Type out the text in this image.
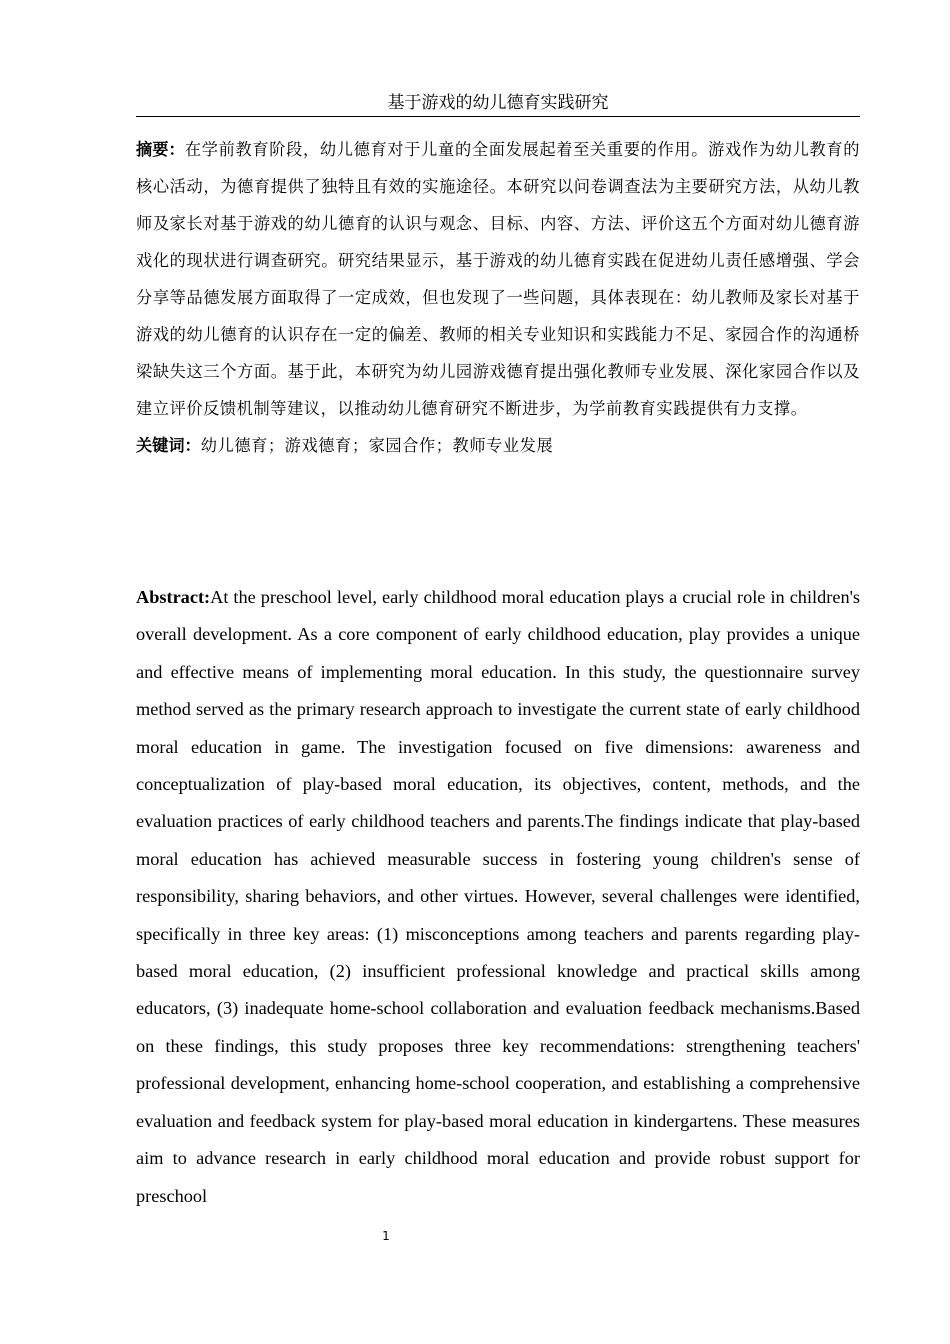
基于游戏的幼儿德育实践研究

摘要：在学前教育阶段，幼儿德育对于儿童的全面发展起着至关重要的作用。游戏作为幼儿教育的核心活动，为德育提供了独特且有效的实施途径。本研究以问卷调查法为主要研究方法，从幼儿教师及家长对基于游戏的幼儿德育的认识与观念、目标、内容、方法、评价这五个方面对幼儿德育游戏化的现状进行调查研究。研究结果显示，基于游戏的幼儿德育实践在促进幼儿责任感增强、学会分享等品德发展方面取得了一定成效，但也发现了一些问题，具体表现在：幼儿教师及家长对基于游戏的幼儿德育的认识存在一定的偏差、教师的相关专业知识和实践能力不足、家园合作的沟通桥梁缺失这三个方面。基于此，本研究为幼儿园游戏德育提出强化教师专业发展、深化家园合作以及建立评价反馈机制等建议，以推动幼儿德育研究不断进步，为学前教育实践提供有力支撑。

关键词：幼儿德育；游戏德育；家园合作；教师专业发展

Abstract:At the preschool level, early childhood moral education plays a crucial role in children's overall development. As a core component of early childhood education, play provides a unique and effective means of implementing moral education. In this study, the questionnaire survey method served as the primary research approach to investigate the current state of early childhood moral education in game. The investigation focused on five dimensions: awareness and conceptualization of play-based moral education, its objectives, content, methods, and the evaluation practices of early childhood teachers and parents.The findings indicate that play-based moral education has achieved measurable success in fostering young children's sense of responsibility, sharing behaviors, and other virtues. However, several challenges were identified, specifically in three key areas: (1) misconceptions among teachers and parents regarding play-based moral education, (2) insufficient professional knowledge and practical skills among educators, (3) inadequate home-school collaboration and evaluation feedback mechanisms.Based on these findings, this study proposes three key recommendations: strengthening teachers' professional development, enhancing home-school cooperation, and establishing a comprehensive evaluation and feedback system for play-based moral education in kindergartens. These measures aim to advance research in early childhood moral education and provide robust support for preschool

1
